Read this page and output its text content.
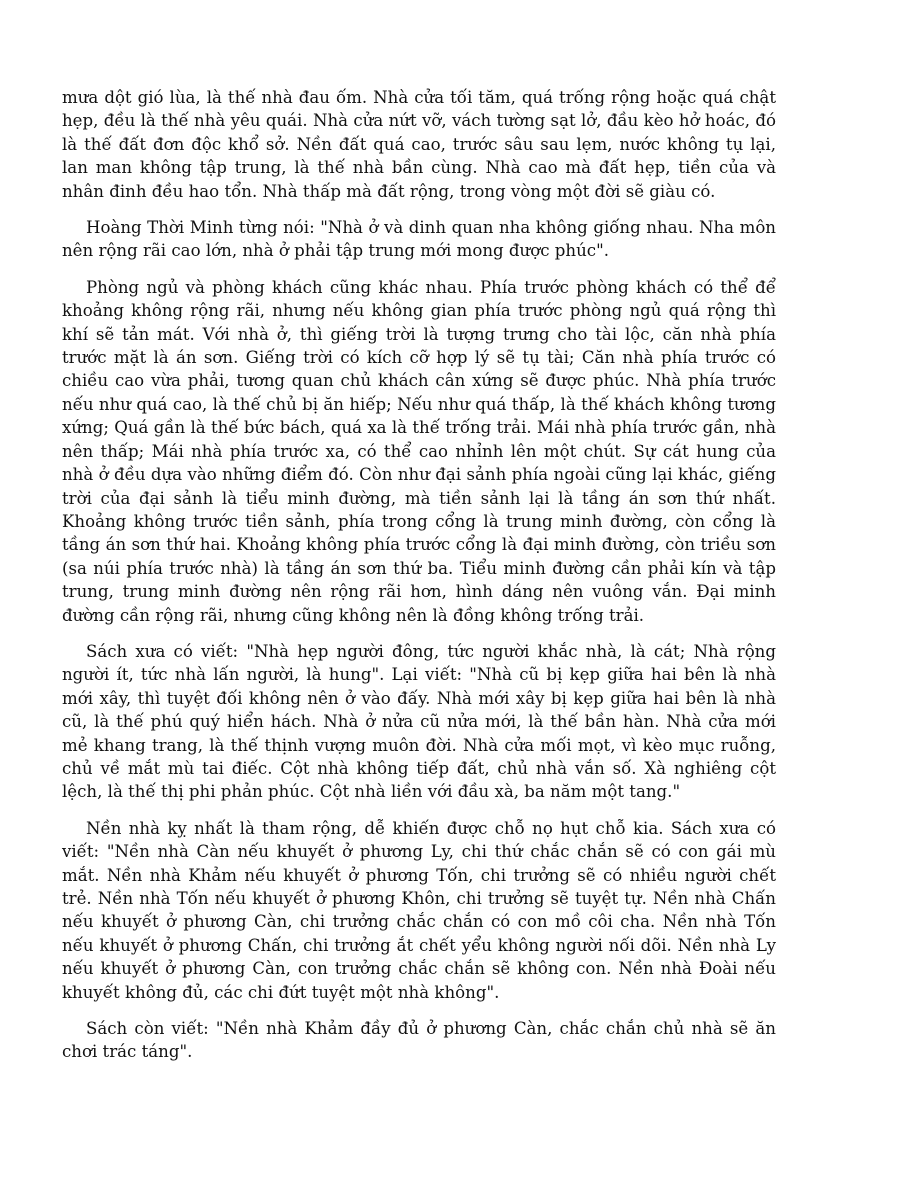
mưa dột gió lùa, là thế nhà đau ốm. Nhà cửa tối tăm, quá trống rộng hoặc quá chật hẹp, đều là thế nhà yêu quái. Nhà cửa nứt vỡ, vách tường sạt lở, đầu kèo hở hoác, đó là thế đất đơn độc khổ sở. Nền đất quá cao, trước sâu sau lẹm, nước không tụ lại, lan man không tập trung, là thế nhà bần cùng. Nhà cao mà đất hẹp, tiền của và nhân đinh đều hao tổn. Nhà thấp mà đất rộng, trong vòng một đời sẽ giàu có.

Hoàng Thời Minh từng nói: "Nhà ở và dinh quan nha không giống nhau. Nha môn nên rộng rãi cao lớn, nhà ở phải tập trung mới mong được phúc".

Phòng ngủ và phòng khách cũng khác nhau. Phía trước phòng khách có thể để khoảng không rộng rãi, nhưng nếu không gian phía trước phòng ngủ quá rộng thì khí sẽ tản mát. Với nhà ở, thì giếng trời là tượng trưng cho tài lộc, căn nhà phía trước mặt là án sơn. Giếng trời có kích cỡ hợp lý sẽ tụ tài; Căn nhà phía trước có chiều cao vừa phải, tương quan chủ khách cân xứng sẽ được phúc. Nhà phía trước nếu như quá cao, là thế chủ bị ăn hiếp; Nếu như quá thấp, là thế khách không tương xứng; Quá gần là thế bức bách, quá xa là thế trống trải. Mái nhà phía trước gần, nhà nên thấp; Mái nhà phía trước xa, có thể cao nhỉnh lên một chút. Sự cát hung của nhà ở đều dựa vào những điểm đó. Còn như đại sảnh phía ngoài cũng lại khác, giếng trời của đại sảnh là tiểu minh đường, mà tiền sảnh lại là tầng án sơn thứ nhất. Khoảng không trước tiền sảnh, phía trong cổng là trung minh đường, còn cổng là tầng án sơn thứ hai. Khoảng không phía trước cổng là đại minh đường, còn triều sơn (sa núi phía trước nhà) là tầng án sơn thứ ba. Tiểu minh đường cần phải kín và tập trung, trung minh đường nên rộng rãi hơn, hình dáng nên vuông vắn. Đại minh đường cần rộng rãi, nhưng cũng không nên là đồng không trống trải.

Sách xưa có viết: "Nhà hẹp người đông, tức người khắc nhà, là cát; Nhà rộng người ít, tức nhà lấn người, là hung". Lại viết: "Nhà cũ bị kẹp giữa hai bên là nhà mới xây, thì tuyệt đối không nên ở vào đấy. Nhà mới xây bị kẹp giữa hai bên là nhà cũ, là thế phú quý hiển hách. Nhà ở nửa cũ nửa mới, là thế bần hàn. Nhà cửa mới mẻ khang trang, là thế thịnh vượng muôn đời. Nhà cửa mối mọt, vì kèo mục ruỗng, chủ về mắt mù tai điếc. Cột nhà không tiếp đất, chủ nhà vắn số. Xà nghiêng cột lệch, là thế thị phi phản phúc. Cột nhà liền với đầu xà, ba năm một tang."

Nền nhà kỵ nhất là tham rộng, dễ khiến được chỗ nọ hụt chỗ kia. Sách xưa có viết: "Nền nhà Càn nếu khuyết ở phương Ly, chi thứ chắc chắn sẽ có con gái mù mắt. Nền nhà Khảm nếu khuyết ở phương Tốn, chi trưởng sẽ có nhiều người chết trẻ. Nền nhà Tốn nếu khuyết ở phương Khôn, chi trưởng sẽ tuyệt tự. Nền nhà Chấn nếu khuyết ở phương Càn, chi trưởng chắc chắn có con mồ côi cha. Nền nhà Tốn nếu khuyết ở phương Chấn, chi trưởng ắt chết yểu không người nối dõi. Nền nhà Ly nếu khuyết ở phương Càn, con trưởng chắc chắn sẽ không con. Nền nhà Đoài nếu khuyết không đủ, các chi đứt tuyệt một nhà không".

Sách còn viết: "Nền nhà Khảm đầy đủ ở phương Càn, chắc chắn chủ nhà sẽ ăn chơi trác táng".
